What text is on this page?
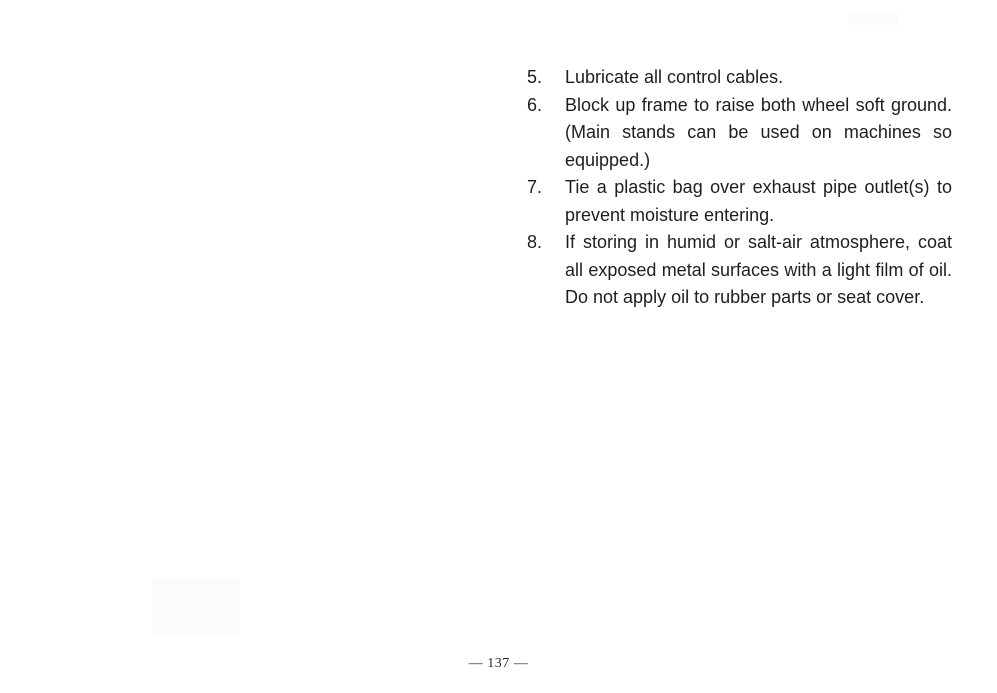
5.	Lubricate all control cables.
6.	Block up frame to raise both wheel soft ground. (Main stands can be used on machines so equipped.)
7.	Tie a plastic bag over exhaust pipe outlet(s) to prevent moisture entering.
8.	If storing in humid or salt-air atmosphere, coat all exposed metal surfaces with a light film of oil. Do not apply oil to rubber parts or seat cover.
— 137 —
